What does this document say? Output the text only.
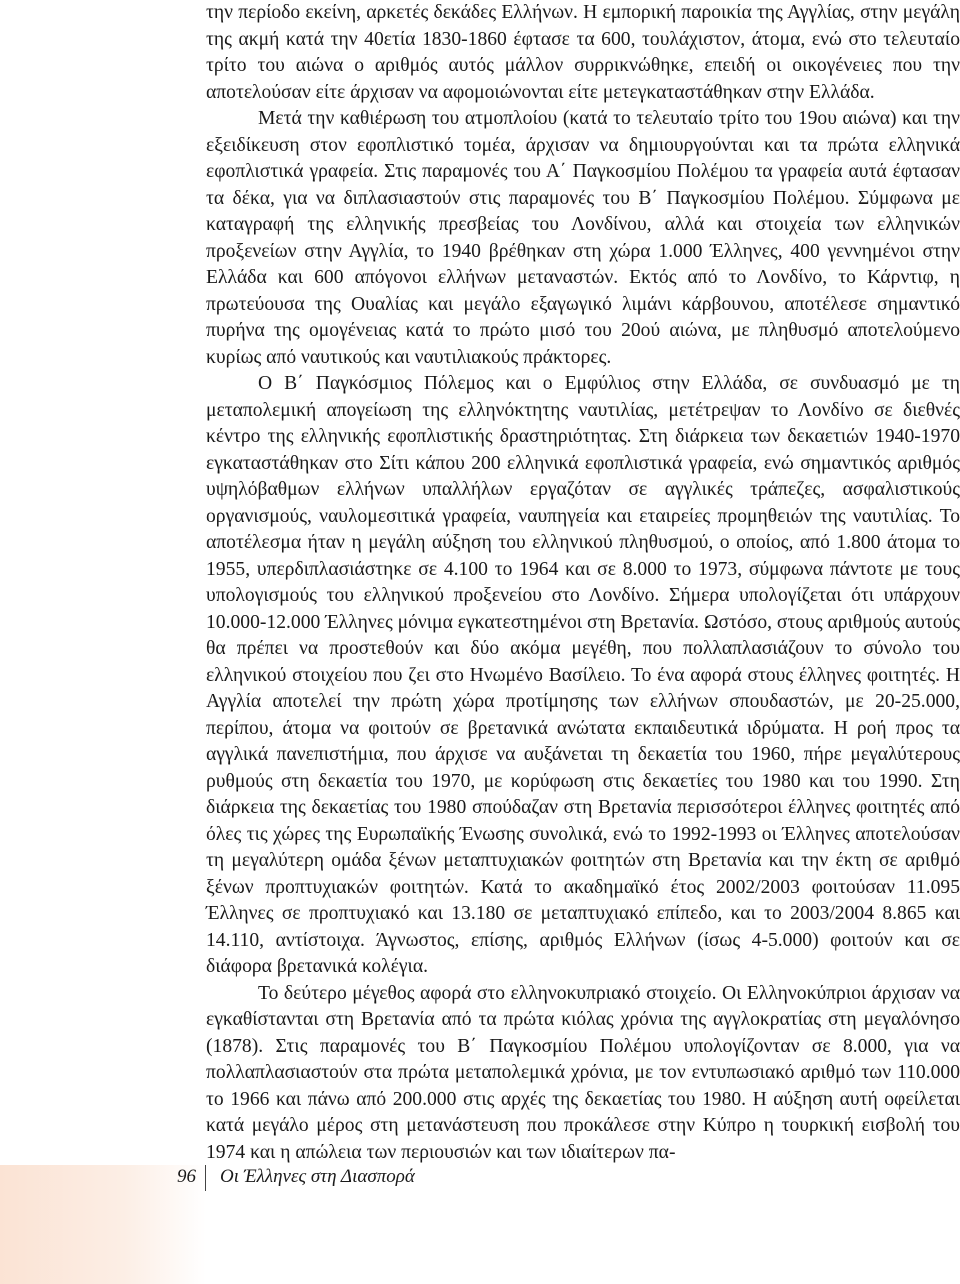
την περίοδο εκείνη, αρκετές δεκάδες Ελλήνων. Η εμπορική παροικία της Αγγλίας, στην μεγάλη της ακμή κατά την 40ετία 1830-1860 έφτασε τα 600, τουλάχιστον, άτομα, ενώ στο τελευταίο τρίτο του αιώνα ο αριθμός αυτός μάλλον συρρικνώθηκε, επειδή οι οικογένειες που την αποτελούσαν είτε άρχισαν να αφομοιώνονται είτε μετεγκαταστάθηκαν στην Ελλάδα.

Μετά την καθιέρωση του ατμοπλοίου (κατά το τελευταίο τρίτο του 19ου αιώνα) και την εξειδίκευση στον εφοπλιστικό τομέα, άρχισαν να δημιουργούνται και τα πρώτα ελληνικά εφοπλιστικά γραφεία. Στις παραμονές του Α΄ Παγκοσμίου Πολέμου τα γραφεία αυτά έφτασαν τα δέκα, για να διπλασιαστούν στις παραμονές του Β΄ Παγκοσμίου Πολέμου. Σύμφωνα με καταγραφή της ελληνικής πρεσβείας του Λονδίνου, αλλά και στοιχεία των ελληνικών προξενείων στην Αγγλία, το 1940 βρέθηκαν στη χώρα 1.000 Έλληνες, 400 γεννημένοι στην Ελλάδα και 600 απόγονοι ελλήνων μεταναστών. Εκτός από το Λονδίνο, το Κάρντιφ, η πρωτεύουσα της Ουαλίας και μεγάλο εξαγωγικό λιμάνι κάρβουνου, αποτέλεσε σημαντικό πυρήνα της ομογένειας κατά το πρώτο μισό του 20ού αιώνα, με πληθυσμό αποτελούμενο κυρίως από ναυτικούς και ναυτιλιακούς πράκτορες.

Ο Β΄ Παγκόσμιος Πόλεμος και ο Εμφύλιος στην Ελλάδα, σε συνδυασμό με τη μεταπολεμική απογείωση της ελληνόκτητης ναυτιλίας, μετέτρεψαν το Λονδίνο σε διεθνές κέντρο της ελληνικής εφοπλιστικής δραστηριότητας. Στη διάρκεια των δεκαετιών 1940-1970 εγκαταστάθηκαν στο Σίτι κάπου 200 ελληνικά εφοπλιστικά γραφεία, ενώ σημαντικός αριθμός υψηλόβαθμων ελλήνων υπαλλήλων εργαζόταν σε αγγλικές τράπεζες, ασφαλιστικούς οργανισμούς, ναυλομεσιτικά γραφεία, ναυπηγεία και εταιρείες προμηθειών της ναυτιλίας. Το αποτέλεσμα ήταν η μεγάλη αύξηση του ελληνικού πληθυσμού, ο οποίος, από 1.800 άτομα το 1955, υπερδιπλασιάστηκε σε 4.100 το 1964 και σε 8.000 το 1973, σύμφωνα πάντοτε με τους υπολογισμούς του ελληνικού προξενείου στο Λονδίνο. Σήμερα υπολογίζεται ότι υπάρχουν 10.000-12.000 Έλληνες μόνιμα εγκατεστημένοι στη Βρετανία. Ωστόσο, στους αριθμούς αυτούς θα πρέπει να προστεθούν και δύο ακόμα μεγέθη, που πολλαπλασιάζουν το σύνολο του ελληνικού στοιχείου που ζει στο Ηνωμένο Βασίλειο. Το ένα αφορά στους έλληνες φοιτητές. Η Αγγλία αποτελεί την πρώτη χώρα προτίμησης των ελλήνων σπουδαστών, με 20-25.000, περίπου, άτομα να φοιτούν σε βρετανικά ανώτατα εκπαιδευτικά ιδρύματα. Η ροή προς τα αγγλικά πανεπιστήμια, που άρχισε να αυξάνεται τη δεκαετία του 1960, πήρε μεγαλύτερους ρυθμούς στη δεκαετία του 1970, με κορύφωση στις δεκαετίες του 1980 και του 1990. Στη διάρκεια της δεκαετίας του 1980 σπούδαζαν στη Βρετανία περισσότεροι έλληνες φοιτητές από όλες τις χώρες της Ευρωπαϊκής Ένωσης συνολικά, ενώ το 1992-1993 οι Έλληνες αποτελούσαν τη μεγαλύτερη ομάδα ξένων μεταπτυχιακών φοιτητών στη Βρετανία και την έκτη σε αριθμό ξένων προπτυχιακών φοιτητών. Κατά το ακαδημαϊκό έτος 2002/2003 φοιτούσαν 11.095 Έλληνες σε προπτυχιακό και 13.180 σε μεταπτυχιακό επίπεδο, και το 2003/2004 8.865 και 14.110, αντίστοιχα. Άγνωστος, επίσης, αριθμός Ελλήνων (ίσως 4-5.000) φοιτούν και σε διάφορα βρετανικά κολέγια.

Το δεύτερο μέγεθος αφορά στο ελληνοκυπριακό στοιχείο. Οι Ελληνοκύπριοι άρχισαν να εγκαθίστανται στη Βρετανία από τα πρώτα κιόλας χρόνια της αγγλοκρατίας στη μεγαλόνησο (1878). Στις παραμονές του Β΄ Παγκοσμίου Πολέμου υπολογίζονταν σε 8.000, για να πολλαπλασιαστούν στα πρώτα μεταπολεμικά χρόνια, με τον εντυπωσιακό αριθμό των 110.000 το 1966 και πάνω από 200.000 στις αρχές της δεκαετίας του 1980. Η αύξηση αυτή οφείλεται κατά μεγάλο μέρος στη μετανάστευση που προκάλεσε στην Κύπρο η τουρκική εισβολή του 1974 και η απώλεια των περιουσιών και των ιδιαίτερων πα-

96 Οι Έλληνες στη Διασπορά
